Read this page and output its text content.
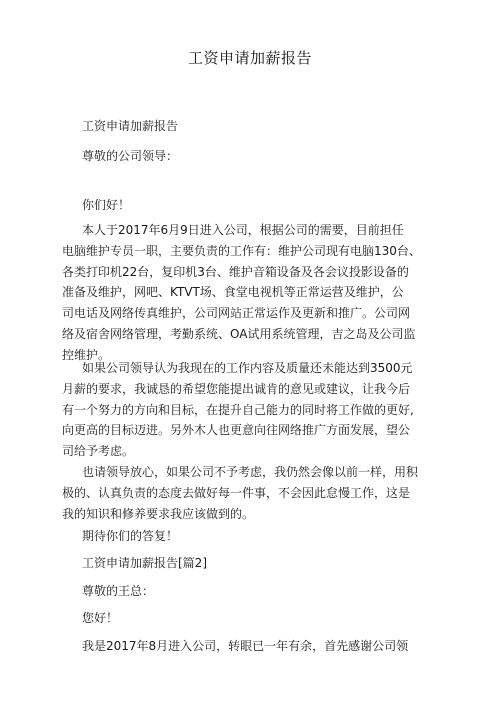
工资申请加薪报告
工资申请加薪报告
尊敬的公司领导：
你们好！
本人于2017年6月9日进入公司，根据公司的需要，目前担任
电脑维护专员一职，主要负责的工作有：维护公司现有电脑130台、
各类打印机22台，复印机3台、维护音箱设备及各会议投影设备的
准备及维护，网吧、KTVT场、食堂电视机等正常运营及维护，公
司电话及网络传真维护，公司网站正常运作及更新和推广。公司网
络及宿舍网络管理，考勤系统、OA试用系统管理，吉之岛及公司监
控维护。
如果公司领导认为我现在的工作内容及质量还未能达到3500元
月薪的要求，我诚恳的希望您能提出诚肯的意见或建议，让我今后
有一个努力的方向和目标，在提升自己能力的同时将工作做的更好,
向更高的目标迈进。另外木人也更意向往网络推广方面发展，望公
司给予考虑。
也请领导放心，如果公司不予考虑，我仍然会像以前一样，用积
极的、认真负责的态度去做好每一件事，不会因此怠慢工作，这是
我的知识和修养要求我应该做到的。
期待你们的答复！
工资申请加薪报告[篇2]
尊敬的王总：
您好！
我是2017年8月进入公司，转眼已一年有余，首先感谢公司领
